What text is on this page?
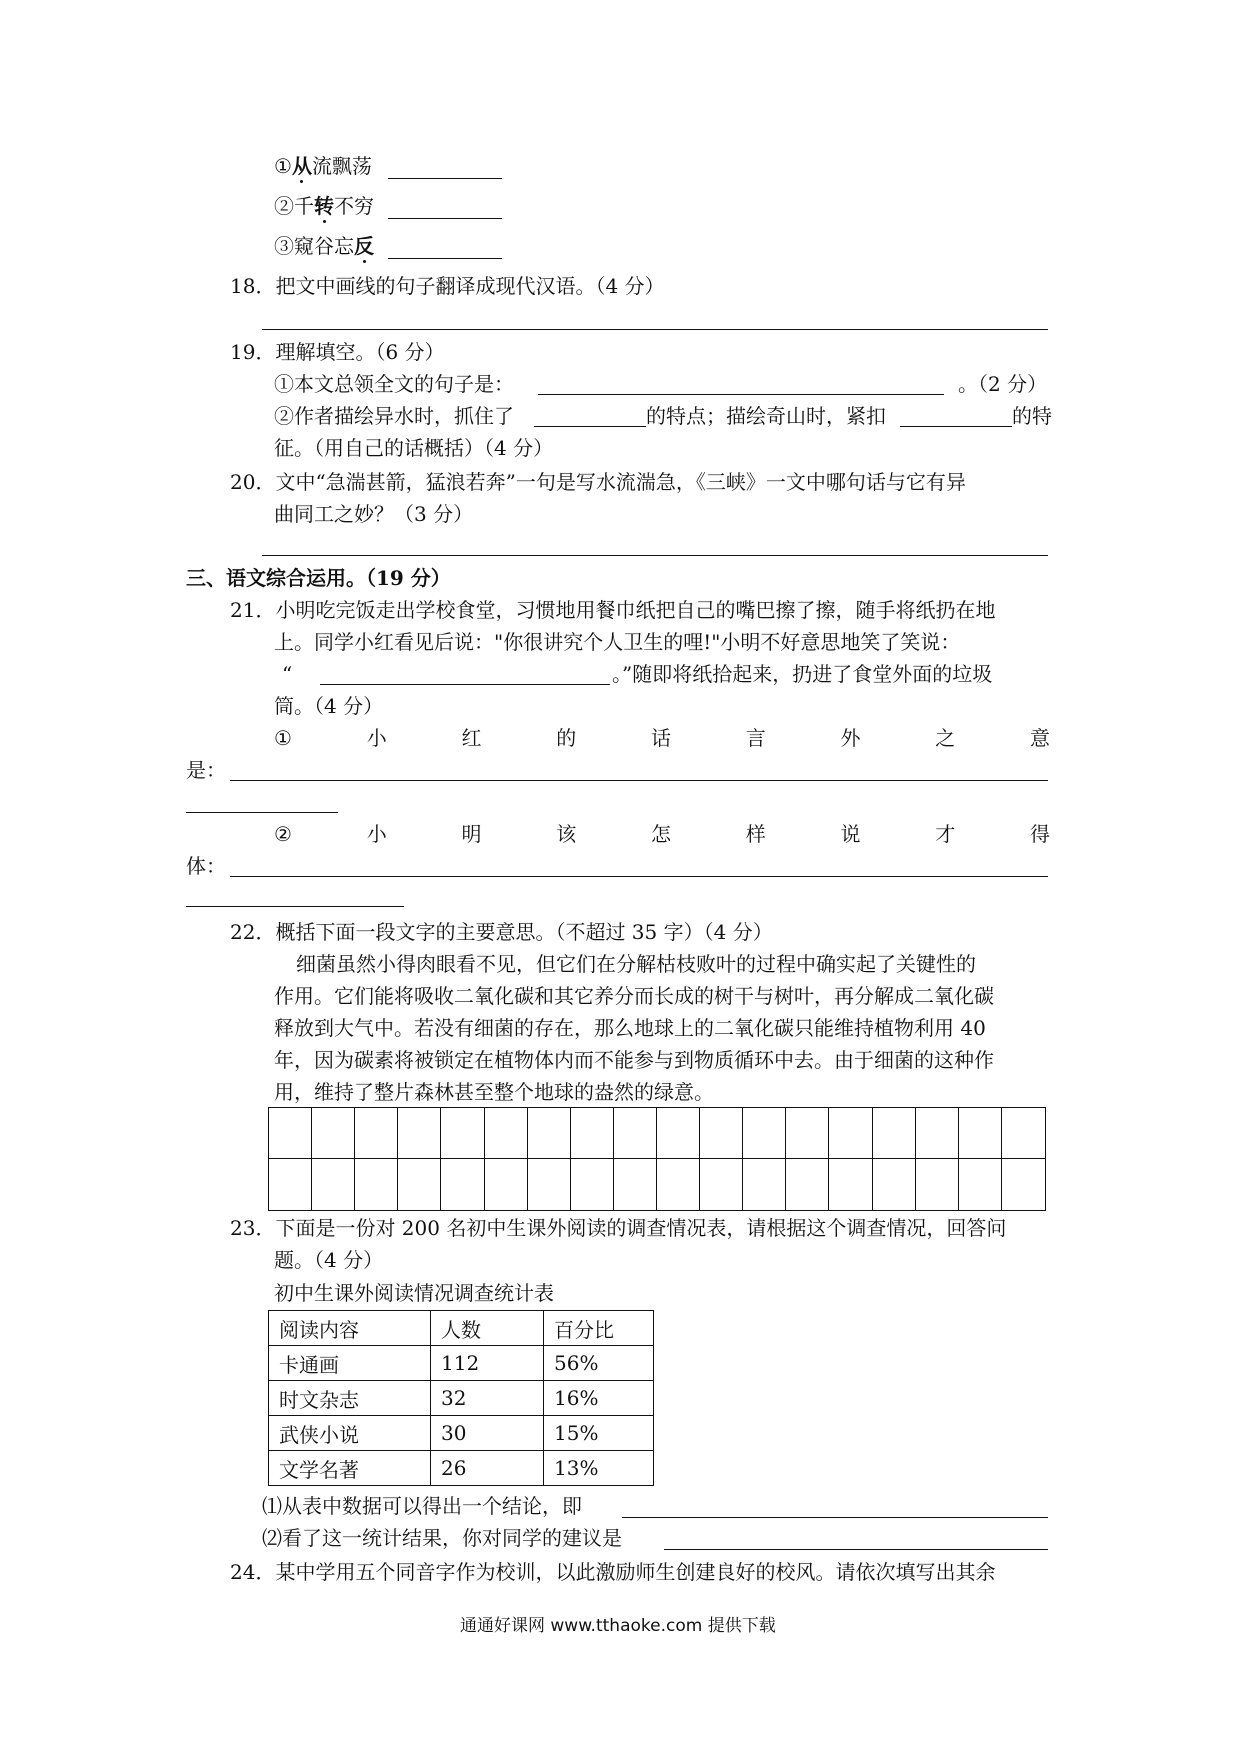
①从流飘荡
②千转不穷
③窥谷忘反
18．把文中画线的句子翻译成现代汉语。（4 分）
19．理解填空。（6 分）
①本文总领全文的句子是：	。（2 分）
②作者描绘异水时，抓住了	的特点；描绘奇山时，紧扣	的特
征。（用自己的话概括）（4 分）
20．文中“急湍甚箭，猛浪若奔”一句是写水流湍急，《三峡》一文中哪句话与它有异
曲同工之妙？（3 分）
三、语文综合运用。（19 分）
21．小明吃完饭走出学校食堂，习惯地用餐巾纸把自己的嘴巴擦了擦，随手将纸扔在地
上。同学小红看见后说："你很讲究个人卫生的哩!"小明不好意思地笑了笑说：
“	。”随即将纸拾起来，扔进了食堂外面的垃圾
筒。（4 分）
①	小	红	的	话	言	外	之	意
是：
②	小	明	该	怎	样	说	才	得
体：
22．概括下面一段文字的主要意思。（不超过 35 字）（4 分）
细菌虽然小得肉眼看不见，但它们在分解枯枝败叶的过程中确实起了关键性的
作用。它们能将吸收二氧化碳和其它养分而长成的树干与树叶，再分解成二氧化碳
释放到大气中。若没有细菌的存在，那么地球上的二氧化碳只能维持植物利用 40
年，因为碳素将被锁定在植物体内而不能参与到物质循环中去。由于细菌的这种作
用，维持了整片森林甚至整个地球的盎然的绿意。
23．下面是一份对 200 名初中生课外阅读的调查情况表，请根据这个调查情况，回答问
题。（4 分）
初中生课外阅读情况调查统计表
阅读内容	人数	百分比
卡通画	112	56%
时文杂志	32	16%
武侠小说	30	15%
文学名著	26	13%
⑴从表中数据可以得出一个结论，即
⑵看了这一统计结果，你对同学的建议是
24．某中学用五个同音字作为校训，以此激励师生创建良好的校风。请依次填写出其余
通通好课网 www.tthaoke.com 提供下载
